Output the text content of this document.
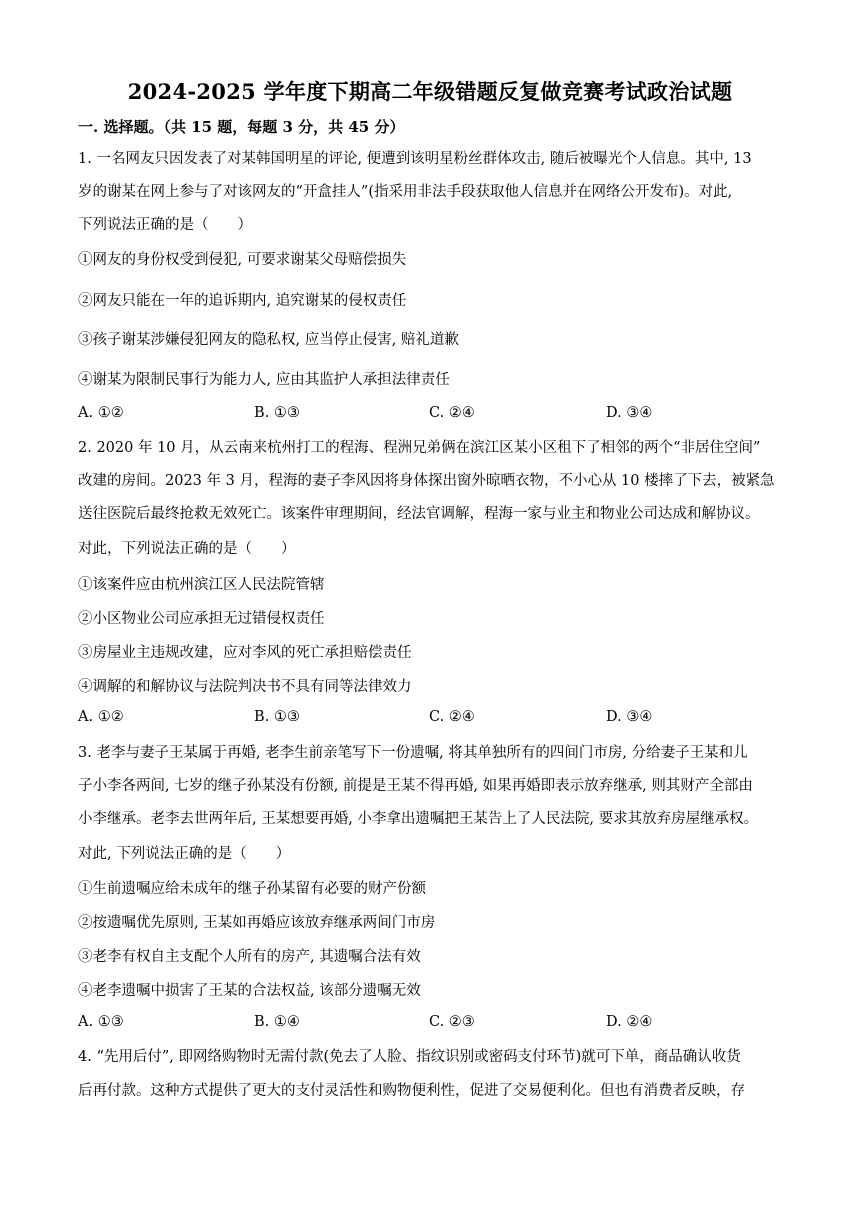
2024-2025 学年度下期高二年级错题反复做竞赛考试政治试题
一. 选择题。（共 15 题，每题 3 分，共 45 分）
1. 一名网友只因发表了对某韩国明星的评论, 便遭到该明星粉丝群体攻击, 随后被曝光个人信息。其中, 13
岁的谢某在网上参与了对该网友的“开盒挂人”(指采用非法手段获取他人信息并在网络公开发布)。对此,
下列说法正确的是（　　）
①网友的身份权受到侵犯, 可要求谢某父母赔偿损失
②网友只能在一年的追诉期内, 追究谢某的侵权责任
③孩子谢某涉嫌侵犯网友的隐私权, 应当停止侵害, 赔礼道歉
④谢某为限制民事行为能力人, 应由其监护人承担法律责任
A. ①②	B. ①③	C. ②④	D. ③④
2. 2020 年 10 月，从云南来杭州打工的程海、程洲兄弟俩在滨江区某小区租下了相邻的两个“非居住空间”
改建的房间。2023 年 3 月，程海的妻子李风因将身体探出窗外晾晒衣物，不小心从 10 楼摔了下去，被紧急
送往医院后最终抢救无效死亡。该案件审理期间，经法官调解，程海一家与业主和物业公司达成和解协议。
对此，下列说法正确的是（　　）
①该案件应由杭州滨江区人民法院管辖
②小区物业公司应承担无过错侵权责任
③房屋业主违规改建，应对李风的死亡承担赔偿责任
④调解的和解协议与法院判决书不具有同等法律效力
A. ①②	B. ①③	C. ②④	D. ③④
3. 老李与妻子王某属于再婚, 老李生前亲笔写下一份遗嘱, 将其单独所有的四间门市房, 分给妻子王某和儿
子小李各两间, 七岁的继子孙某没有份额, 前提是王某不得再婚, 如果再婚即表示放弃继承, 则其财产全部由
小李继承。老李去世两年后, 王某想要再婚, 小李拿出遗嘱把王某告上了人民法院, 要求其放弃房屋继承权。
对此, 下列说法正确的是（　　）
①生前遗嘱应给未成年的继子孙某留有必要的财产份额
②按遗嘱优先原则, 王某如再婚应该放弃继承两间门市房
③老李有权自主支配个人所有的房产, 其遗嘱合法有效
④老李遗嘱中损害了王某的合法权益, 该部分遗嘱无效
A. ①③	B. ①④	C. ②③	D. ②④
4. “先用后付”, 即网络购物时无需付款(免去了人脸、指纹识别或密码支付环节)就可下单，商品确认收货
后再付款。这种方式提供了更大的支付灵活性和购物便利性，促进了交易便利化。但也有消费者反映，存
